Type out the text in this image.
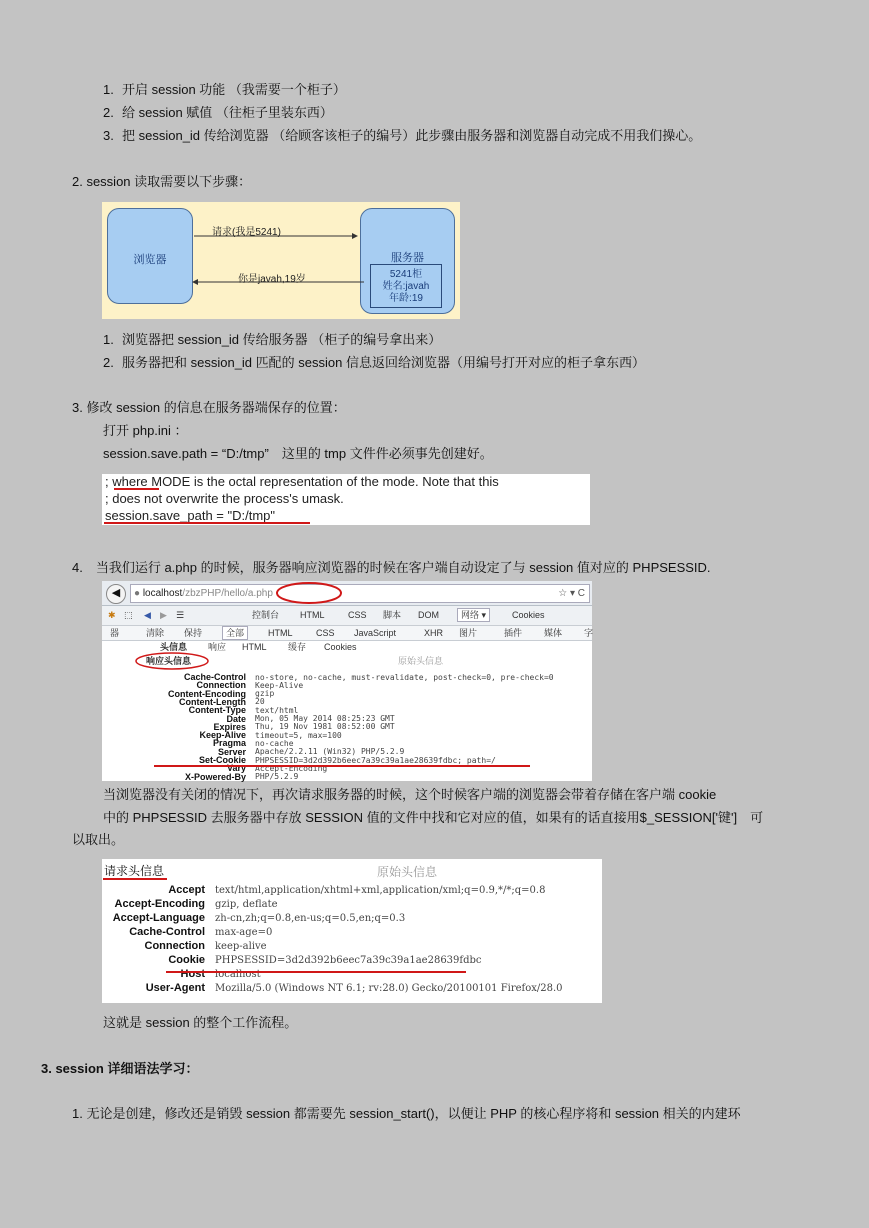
1. 开启 session 功能 （我需要一个柜子）
2. 给 session 赋值 （往柜子里装东西）
3. 把 session_id 传给浏览器 （给顾客该柜子的编号）此步骤由服务器和浏览器自动完成不用我们操心。
2. session 读取需要以下步骤：
浏览器	服务器
5241柜
姓名:javah
年龄:19
请求(我是5241)
你是javah,19岁
1. 浏览器把 session_id 传给服务器 （柜子的编号拿出来）
2. 服务器把和 session_id 匹配的 session 信息返回给浏览器（用编号打开对应的柜子拿东西）
3. 修改 session 的信息在服务器端保存的位置：
打开 php.ini ：
session.save.path = “D:/tmp”　这里的 tmp 文件件必须事先创建好。
; where MODE is the octal representation of the mode. Note that this
; does not overwrite the process's umask.
session.save_path = "D:/tmp"
4.　当我们运行 a.php 的时候，服务器响应浏览器的时候在客户端自动设定了与 session 值对应的 PHPSESSID.
◀	● localhost/zbzPHP/hello/a.php	☆ ▾ C
✱ ⬚ ◀ ▶ ☰	控制台 HTML	CSS 脚本 DOM	网络 ▾	Cookies
器	清除 保持	全部	HTML	CSS JavaScript	XHR 图片	插件 媒体 字
头信息 响应 HTML 缓存 Cookies
响应头信息	原始头信息
Cache-Control no-store, no-cache, must-revalidate, post-check=0, pre-check=0
Connection Keep-Alive
Content-Encoding gzip
Content-Length 20
Content-Type text/html
Date Mon, 05 May 2014 08:25:23 GMT
Expires Thu, 19 Nov 1981 08:52:00 GMT
Keep-Alive timeout=5, max=100
Pragma no-cache
Server Apache/2.2.11 (Win32) PHP/5.2.9
Set-Cookie PHPSESSID=3d2d392b6eec7a39c39a1ae28639fdbc; path=/
Vary Accept-Encoding
X-Powered-By PHP/5.2.9
当浏览器没有关闭的情况下，再次请求服务器的时候，这个时候客户端的浏览器会带着存储在客户端 cookie
中的 PHPSESSID 去服务器中存放 SESSION 值的文件中找和它对应的值，如果有的话直接用$_SESSION['键']　可
以取出。
请求头信息	原始头信息
Accept text/html,application/xhtml+xml,application/xml;q=0.9,*/*;q=0.8
Accept-Encoding gzip, deflate
Accept-Language zh-cn,zh;q=0.8,en-us;q=0.5,en;q=0.3
Cache-Control max-age=0
Connection keep-alive
Cookie PHPSESSID=3d2d392b6eec7a39c39a1ae28639fdbc
Host localhost
User-Agent Mozilla/5.0 (Windows NT 6.1; rv:28.0) Gecko/20100101 Firefox/28.0
这就是 session 的整个工作流程。
3. session 详细语法学习：
1. 无论是创建，修改还是销毁 session 都需要先 session_start()，以便让 PHP 的核心程序将和 session 相关的内建环
